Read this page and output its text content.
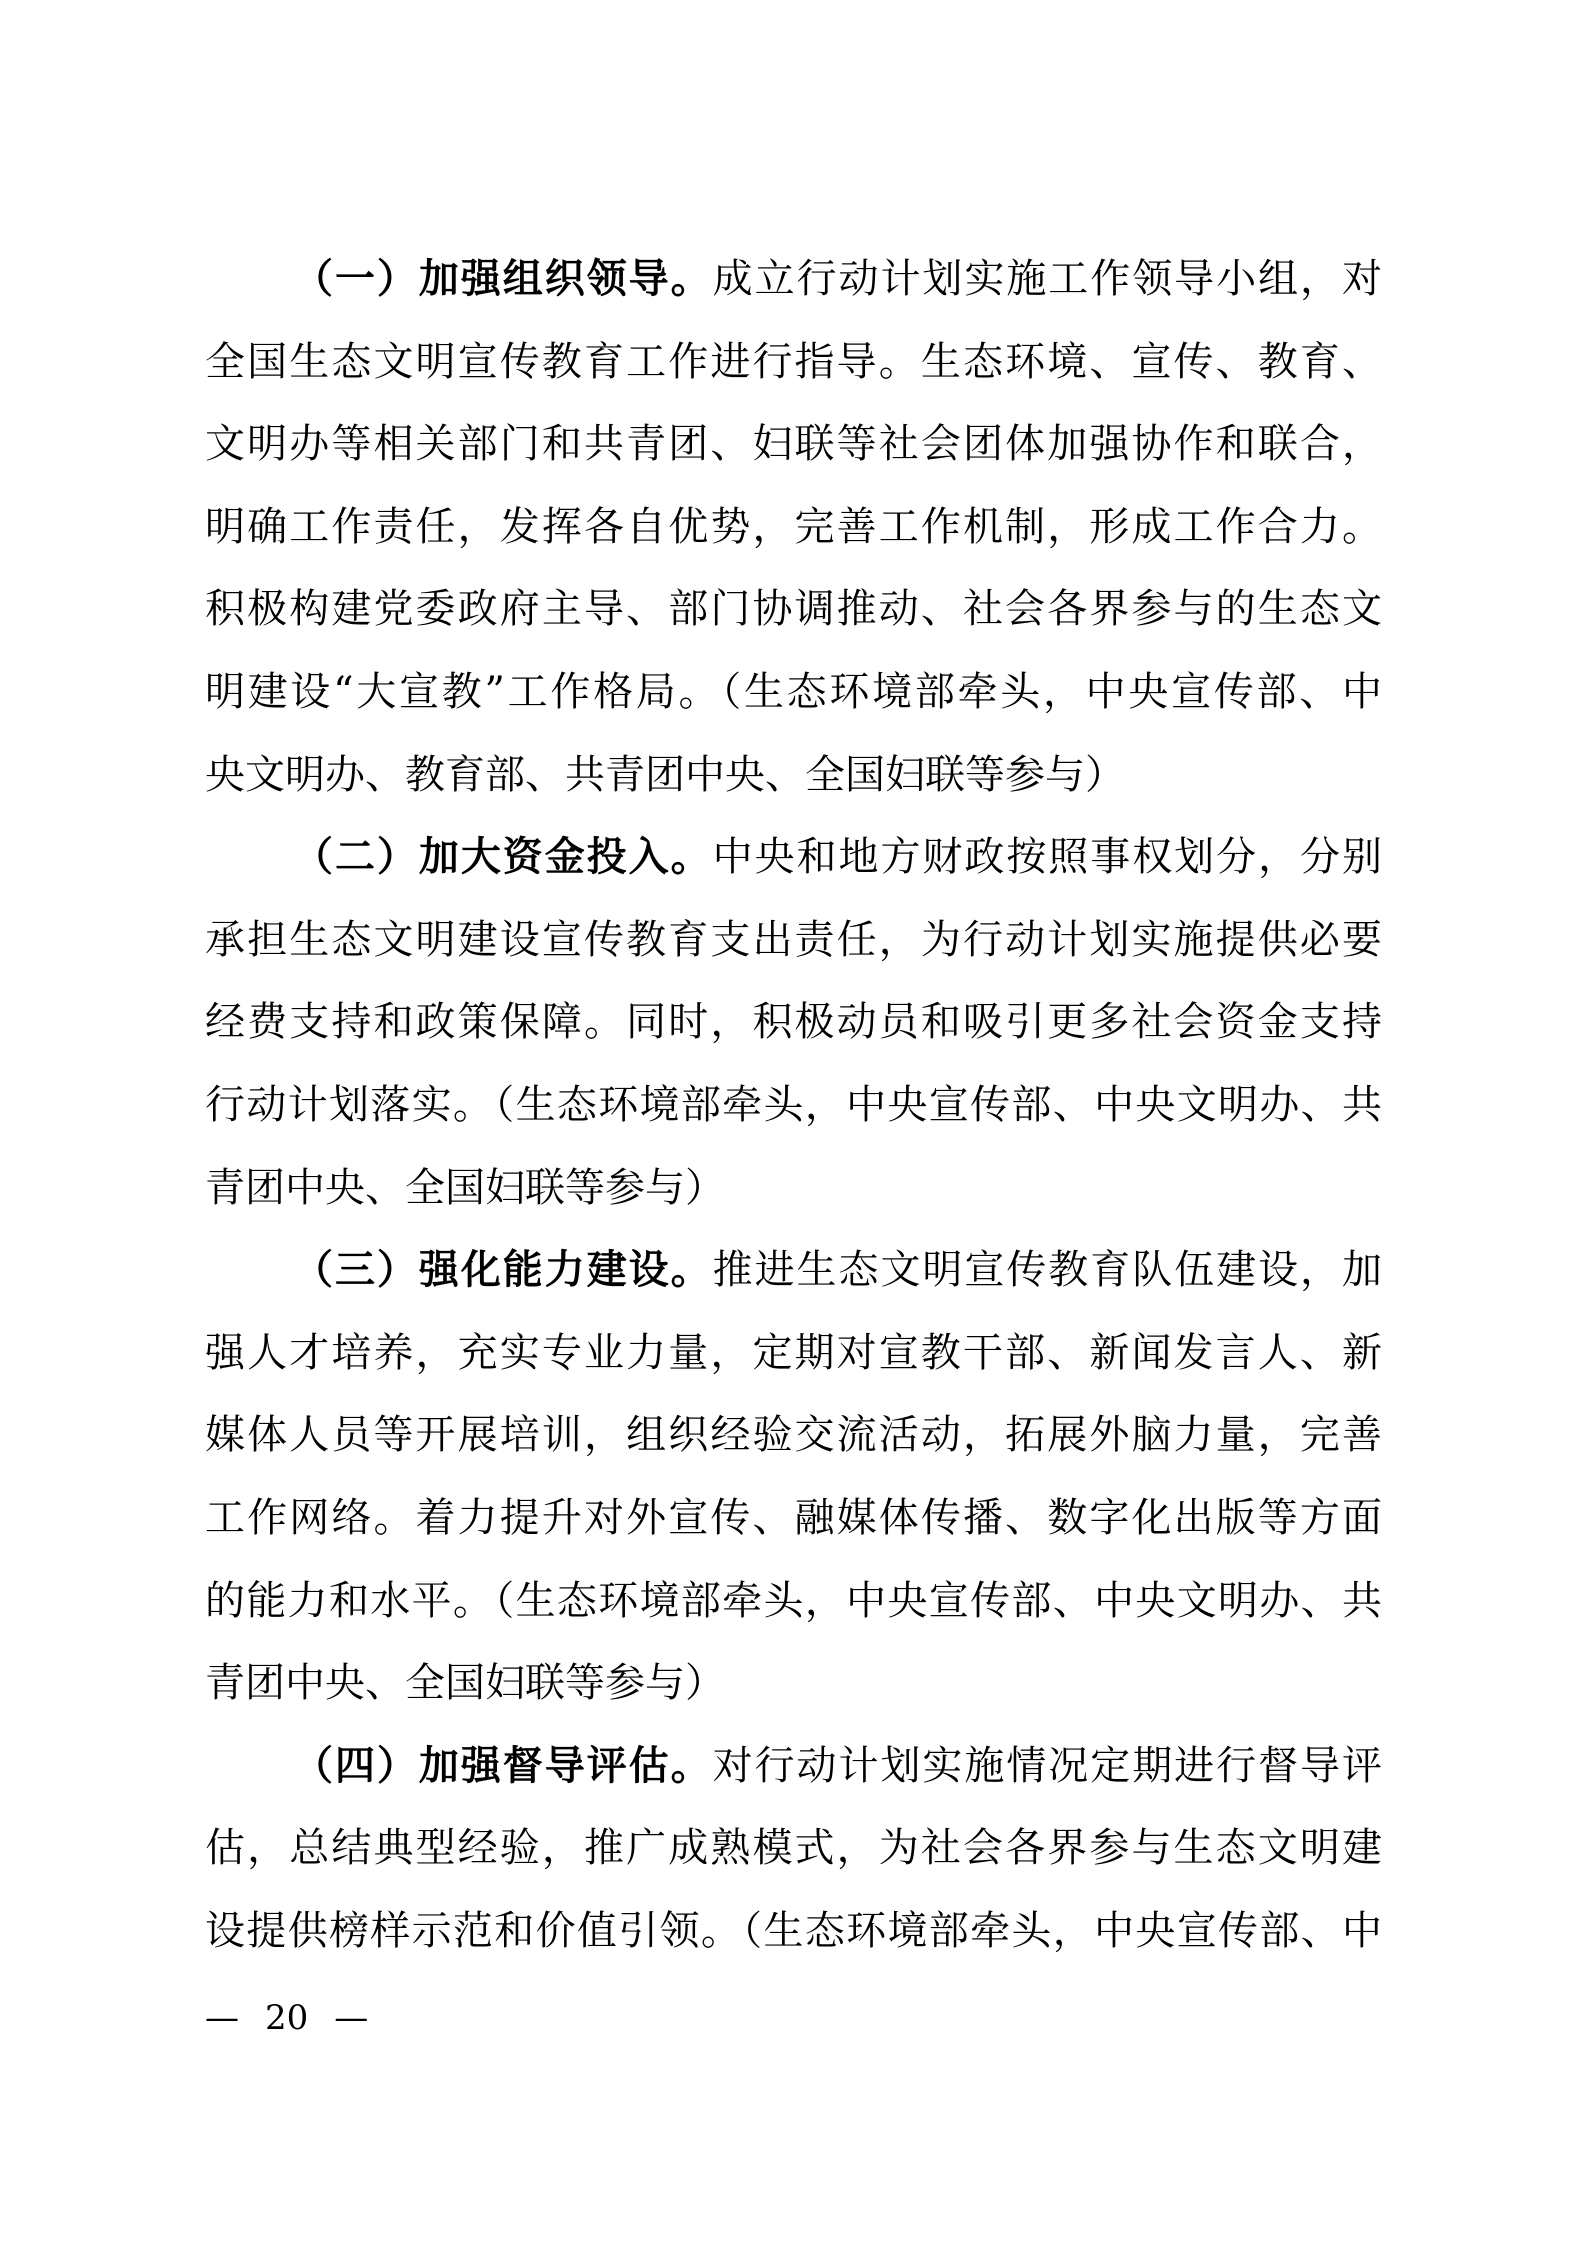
（一）加强组织领导。成立行动计划实施工作领导小组，对
全国生态文明宣传教育工作进行指导。生态环境、宣传、教育、
文明办等相关部门和共青团、妇联等社会团体加强协作和联合，
明确工作责任，发挥各自优势，完善工作机制，形成工作合力。
积极构建党委政府主导、部门协调推动、社会各界参与的生态文
明建设“大宣教”工作格局。（生态环境部牵头，中央宣传部、中
央文明办、教育部、共青团中央、全国妇联等参与）
（二）加大资金投入。中央和地方财政按照事权划分，分别
承担生态文明建设宣传教育支出责任，为行动计划实施提供必要
经费支持和政策保障。同时，积极动员和吸引更多社会资金支持
行动计划落实。（生态环境部牵头，中央宣传部、中央文明办、共
青团中央、全国妇联等参与）
（三）强化能力建设。推进生态文明宣传教育队伍建设，加
强人才培养，充实专业力量，定期对宣教干部、新闻发言人、新
媒体人员等开展培训，组织经验交流活动，拓展外脑力量，完善
工作网络。着力提升对外宣传、融媒体传播、数字化出版等方面
的能力和水平。（生态环境部牵头，中央宣传部、中央文明办、共
青团中央、全国妇联等参与）
（四）加强督导评估。对行动计划实施情况定期进行督导评
估，总结典型经验，推广成熟模式，为社会各界参与生态文明建
设提供榜样示范和价值引领。（生态环境部牵头，中央宣传部、中
— 20 —
